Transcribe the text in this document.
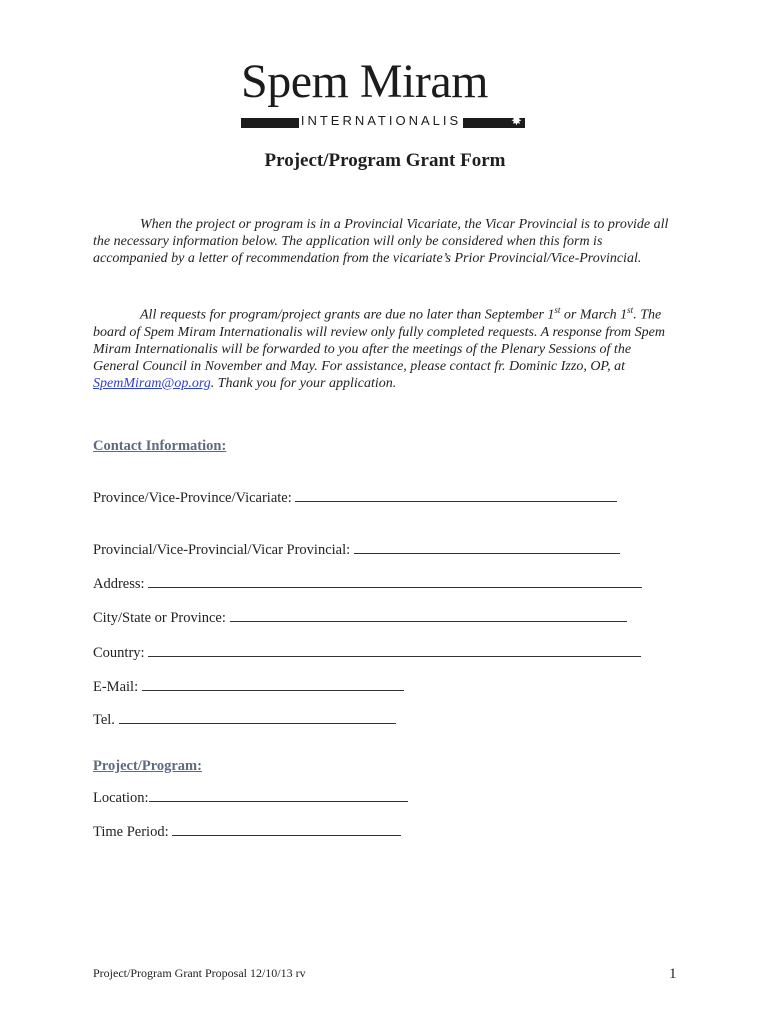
Spem Miram
INTERNATIONALIS	✸
Project/Program Grant Form
When the project or program is in a Provincial Vicariate, the Vicar Provincial is to provide all the necessary information below. The application will only be considered when this form is accompanied by a letter of recommendation from the vicariate’s Prior Provincial/Vice-Provincial.
All requests for program/project grants are due no later than September 1st or March 1st. The board of Spem Miram Internationalis will review only fully completed requests. A response from Spem Miram Internationalis will be forwarded to you after the meetings of the Plenary Sessions of the General Council in November and May. For assistance, please contact fr. Dominic Izzo, OP, at SpemMiram@op.org. Thank you for your application.
Contact Information:
Province/Vice-Province/Vicariate:
Provincial/Vice-Provincial/Vicar Provincial:
Address:
City/State or Province:
Country:
E-Mail:
Tel.
Project/Program:
Location:
Time Period:
Project/Program Grant Proposal 12/10/13 rv	1
